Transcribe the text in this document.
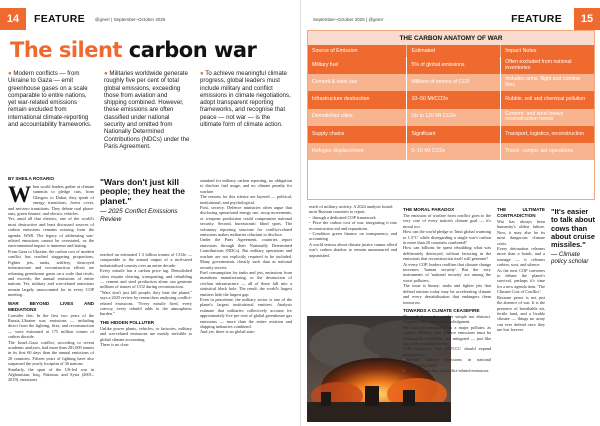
14	FEATURE @gnerr | September–October 2025
The silent carbon war
● Modern conflicts — from Ukraine to Gaza — emit greenhouse gases on a scale comparable to entire nations, yet war-related emissions remain excluded from international climate-reporting and accountability frameworks.
● Militaries worldwide generate roughly five per cent of total global emissions, exceeding those from aviation and shipping combined. However, these emissions are often classified under national security and omitted from Nationally Determined Contributions (NDCs) under the Paris Agreement.
● To achieve meaningful climate progress, global leaders must include military and conflict emissions in climate negotiations, adopt transparent reporting frameworks, and recognise that peace — not war — is the ultimate form of climate action.
BY SHEILA ROSARIO

When world leaders gather at climate summits to pledge cuts, from Glasgow to Dubai, they speak of energy transitions, forest cover, and net-zero transitions. They debate coal phase-outs, green finance, and electric vehicles.

Yet, amid all that rhetoric, one of the world's most destructive and least discussed sources of carbon emissions remains missing from the agenda: WAR. The legacy of addressing war-related emissions cannot be overstated, as the environmental impact is immense and lasting.

From Gaza to Ukraine, the carbon cost of modern conflict has reached staggering proportions. Fighter jets, tanks, artillery, destroyed infrastructure and reconstruction efforts are releasing greenhouse gases on a scale that rivals, and exceeds, the annual emissions of entire nations. Yet, military and war-related emissions remain largely unaccounted for in every COP meeting.

WAR BEYOND LIVES AND MEDIATIONS

Consider this: In the first two years of the Russia–Ukraine war, emissions — including direct from the fighting, fires, and reconstruction — were estimated at 175 million tonnes of carbon dioxide.

The Israel–Gaza conflict, according to recent academic analyses, had more than 281,000 tonnes in its first 60 days than the annual emissions of 20 countries. Fifteen years of fighting have also surpassed the yearly footprint of 36 nations.

Similarly, the span of the US-led war in Afghanistan, Iraq, Pakistan, and Syria (2001–2019), emissions

"Wars don't just kill people; they heat the planet."
— 2025 Conflict Emissions Review

reached an estimated 1.3 billion tonnes of CO2e — comparable to the annual output of a mid-sized industrialised country over an entire decade.

Every missile has a carbon price tag. Demolished cities require clearing, transporting, and rebuilding — cement and steel production alone can generate millions of tonnes of CO2 during reconstruction.

"Wars don't just kill people; they heat the planet," says a 2025 review by researchers analysing conflict-related emissions. "Every missile fired, every convoy, every rebuild adds to the atmospheric burden."

THE HIDDEN POLLUTER

Unlike power plants, vehicles, or factories, military and war-related emissions are mostly invisible to global climate accounting.

There is no clear

standard for military carbon reporting, no obligation to disclose fuel usage, and no climate penalty for warfare.

The reasons for this silence are layered — political, institutional, and psychological.

First, secrecy. Defence ministries often argue that disclosing operational energy use, troop movements, or weapons production could compromise national security. Second, bureaucratic blind spots. The voluntary reporting structure for conflict-related emissions makes militaries reluctant to disclose.

Under the Paris Agreement, countries report emissions through their Nationally Determined Contributions (NDCs). But military operations and warfare are not explicitly required to be included. Many governments classify such data as national security secrets.

Fuel consumption for tanks and jets, emissions from munitions manufacturing, or the destruction of civilian infrastructure — all of these fall into a statistical black hole. The result: the world's largest emitters hide the largest gap.

Even in peacetime, the military sector is one of the planet's largest institutional emitters. Analysts estimate that militaries collectively account for approximately five per cent of global greenhouse gas emissions — more than the entire aviation and shipping industries combined.

And yet, there is no global stan-

September–October 2025 | @gnerr	FEATURE	15
THE CARBON ANATOMY OF WAR
Source of Emission	Estimated	Impact Notes
Military fuel	5% of global emissions	Often excluded from national inventories
Cement & steel use	Millions of tonnes of CO2	Includes arms, flight and combat fires
Infrastructure destruction	10–50 Mt/CO2e	Rubble, soil and chemical pollution
Demolished cities	Up to 120 Mt CO2e	Cement- and steel-heavy reconstruction needs
Supply chains	Significant	Transport, logistics, reconstruction
Refugee displacement	5–10 Mt CO2e	Travel, camps, aid operations

reach of military activity. A 2024 analysis found:

most Russian countries to report.

• through a dedicated COP framework
• Price the carbon cost of war, integrating it into reconstruction aid and reparations
• Condition green finance on transparency and accounting

A world serious about climate justice cannot afford war's carbon shadow to remain unmeasured and unpunished.

THE MORAL PARADOX

The emission of warfare from conflict goes to the very core of every nation's climate goal — it's moral too.

How can the world pledge to 'limit global warming to 1.5°C' while disregarding a single war's carbon in more than 20 countries combined?

How can billions be spent rebuilding what was deliberately destroyed, without factoring in the emissions that reconstruction itself will generate?

At every COP, leaders reaffirm that climate change increases 'human security'. But the very instruments of 'national security' are among the worst polluters.

The issue is binary: tanks and fighter jets that defend nations today may be accelerating climate and every destabilisation that endangers them tomorrow.

TOWARDS A CLIMATE CEASEFIRE

The path forward is neither simple nor abstract. Progress will require acknowledgment.

We must be recognised as a major polluter, as sources. Military and defence emissions must be measurable, verifiable, and mitigated — just like any other industrial sector.

COP organisers and UNFCCC should expand programs to:

• Include military emissions in national inventories by 2027
• Mandate reporting of conflict-related emissions
THE ULTIMATE CONTRADICTION

War has always been humanity's oldest failure. Now, it may also be its most dangerous climate crisis.

Every detonation releases more than a bomb, and a tonnage — it releases carbon, soot, and silence.

As the next COP convenes to debate the planet's survival, perhaps it's time for a new agenda item. 'The Climate Cost of Conflict.'

Because peace is not just the absence of war. It is the presence of breathable air, fertile land, and a livable climate — things no army can ever defend once they are lost forever.

"It's easier to talk about cows than about cruise missiles."
— Climate policy scholar
